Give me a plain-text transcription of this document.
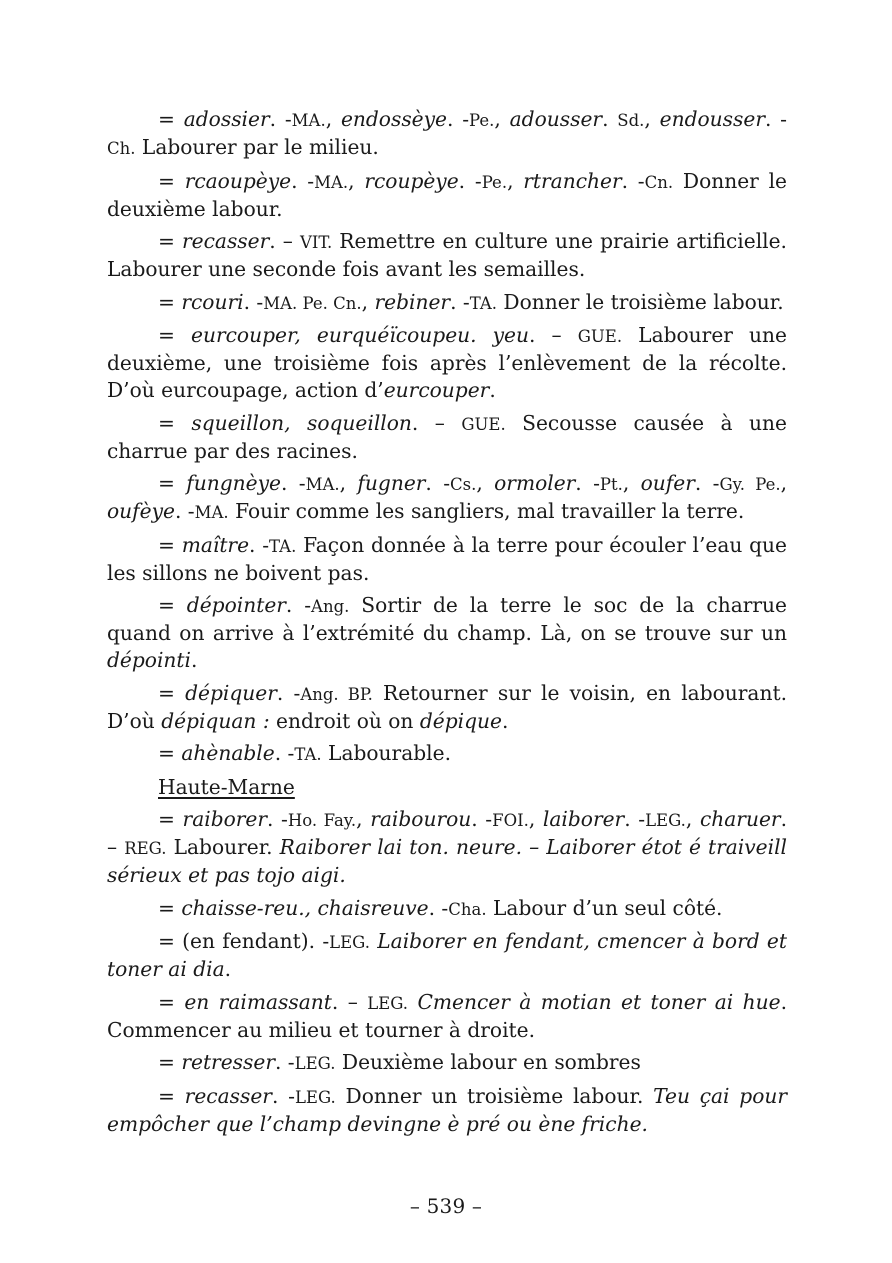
= adossier. -MA., endossèye. -Pe., adousser. Sd., endousser. -Ch. Labourer par le milieu.

= rcaoupèye. -MA., rcoupèye. -Pe., rtrancher. -Cn. Donner le deuxième labour.

= recasser. – VIT. Remettre en culture une prairie artificielle. Labourer une seconde fois avant les semailles.

= rcouri. -MA. Pe. Cn., rebiner. -TA. Donner le troisième labour.

= eurcouper, eurquéïcoupeu. yeu. – GUE. Labourer une deuxième, une troisième fois après l’enlèvement de la récolte. D’où eurcoupage, action d’eurcouper.

= squeillon, soqueillon. – GUE. Secousse causée à une charrue par des racines.

= fungnèye. -MA., fugner. -Cs., ormoler. -Pt., oufer. -Gy. Pe., oufèye. -MA. Fouir comme les sangliers, mal travailler la terre.

= maître. -TA. Façon donnée à la terre pour écouler l’eau que les sillons ne boivent pas.

= dépointer. -Ang. Sortir de la terre le soc de la charrue quand on arrive à l’extrémité du champ. Là, on se trouve sur un dépointi.

= dépiquer. -Ang. BP. Retourner sur le voisin, en labourant. D’où dépiquan : endroit où on dépique.

= ahènable. -TA. Labourable.

Haute-Marne

= raiborer. -Ho. Fay., raibourou. -FOI., laiborer. -LEG., charuer. – REG. Labourer. Raiborer lai ton. neure. – Laiborer étot é traiveill sérieux et pas tojo aigi.

= chaisse-reu., chaisreuve. -Cha. Labour d’un seul côté.

= (en fendant). -LEG. Laiborer en fendant, cmencer à bord et toner ai dia.

= en raimassant. – LEG. Cmencer à motian et toner ai hue. Commencer au milieu et tourner à droite.

= retresser. -LEG. Deuxième labour en sombres

= recasser. -LEG. Donner un troisième labour. Teu çai pour empôcher que l’champ devingne è pré ou ène friche.

– 539 –
